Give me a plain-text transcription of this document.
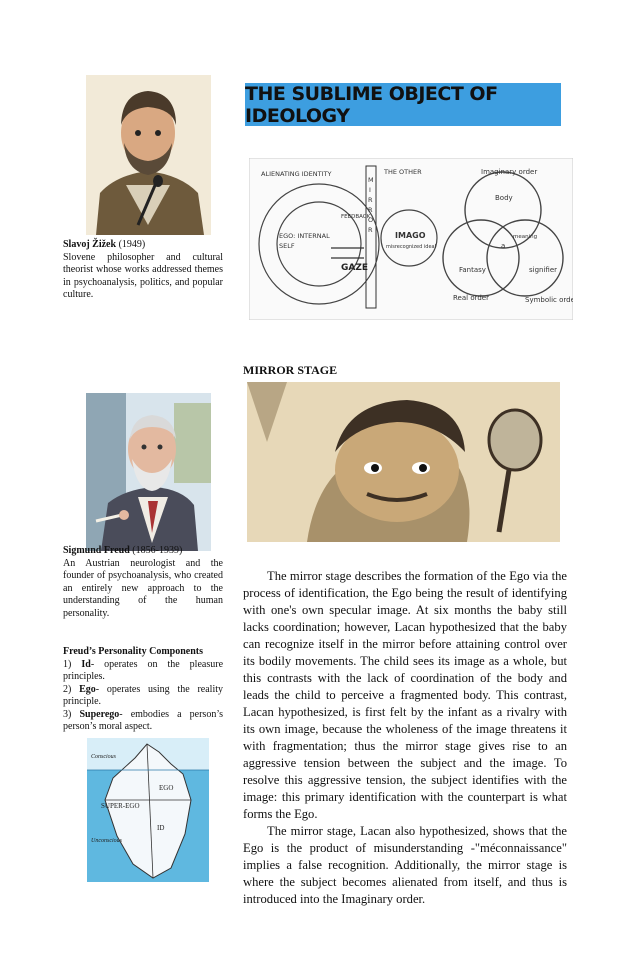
Slavoj Žižek (1949)
Slovene philosopher and cultural theorist whose works addressed themes in psychoanalysis, politics, and popular culture.
Sigmund Freud (1856-1939)
An Austrian neurologist and the founder of psychoanalysis, who created an entirely new approach to the understanding of the human personality.
Freud’s Personality Components
1) Id- operates on the pleasure principles.
2) Ego- operates using the reality principle.
3) Superego- embodies a person’s person’s moral aspect.
Conscious
EGO
SUPER-EGO
ID
Unconscious
THE SUBLIME OBJECT OF IDEOLOGY
ALIENATING IDENTITY
EGO: INTERNAL
SELF
FEEDBACK
M
I
R
R
O
R
GAZE
THE OTHER
IMAGO
misrecognized ideal
Imaginary order
Body
meaning
a
Fantasy	signifier
Real order	Symbolic order
MIRROR STAGE

The mirror stage describes the formation of the Ego via the process of identification, the Ego being the result of identifying with one's own specular image. At six months the baby still lacks coordination; however, Lacan hypothesized that the baby can recognize itself in the mirror before attaining control over its bodily movements. The child sees its image as a whole, but this contrasts with the lack of coordination of the body and leads the child to perceive a fragmented body. This contrast, Lacan hypothesized, is first felt by the infant as a rivalry with its own image, because the wholeness of the image threatens it with fragmentation; thus the mirror stage gives rise to an aggressive tension between the subject and the image. To resolve this aggressive tension, the subject identifies with the image: this primary identification with the counterpart is what forms the Ego.

The mirror stage, Lacan also hypothesized, shows that the Ego is the product of misunderstanding -"méconnaissance" implies a false recognition. Additionally, the mirror stage is where the subject becomes alienated from itself, and thus is introduced into the Imaginary order.
